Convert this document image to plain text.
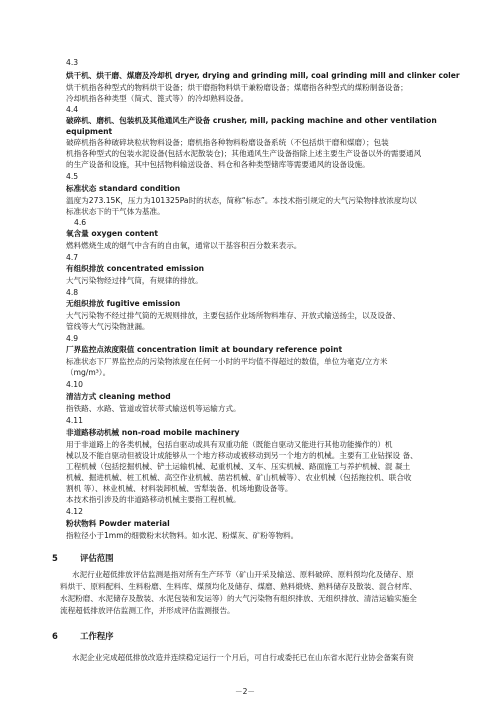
4.3
烘干机、烘干磨、煤磨及冷却机 dryer, drying and grinding mill, coal grinding mill and clinker coler
烘干机指各种型式的物料烘干设备；烘干磨指物料烘干兼粉磨设备；煤磨指各种型式的煤粉制备设备；
冷却机指各种类型（简式、篦式等）的冷却熟料设备。
4.4
破碎机、磨机、包装机及其他通风生产设备 crusher, mill, packing machine and other ventilation
equipment
破碎机指各种破碎块粒状物料设备；磨机指各种物料粉磨设备系统（不包括烘干磨和煤磨）；包装
机指各种型式的包装水泥设备(包括水泥散装仓)；其他通风生产设备指除上述主要生产设备以外的需要通风
的生产设备和设施，其中包括物料输送设备、料仓和各种类型储库等需要通风的设备设施。
4.5
标准状态 standard condition
温度为273.15K，压力为101325Pa时的状态，简称“标态”。本技术指引规定的大气污染物排放浓度均以
标准状态下的干气体为基准。
4.6
氧含量 oxygen content
燃料燃烧生成的烟气中含有的自由氧，通常以干基容积百分数来表示。
4.7
有组织排放 concentrated emission
大气污染物经过排气筒，有规律的排放。
4.8
无组织排放 fugitive emission
大气污染物不经过排气筒的无规则排放，主要包括作业场所物料堆存、开放式输送扬尘，以及设备、
管线等大气污染物泄漏。
4.9
厂界监控点浓度限值 concentration limit at boundary reference point
标准状态下厂界监控点的污染物浓度在任何一小时的平均值不得超过的数值，单位为毫克/立方米
（mg/m³）。
4.10
清洁方式 cleaning method
指铁路、水路、管道或管状带式输送机等运输方式。
4.11
非道路移动机械 non-road mobile machinery
用于非道路上的各类机械，包括自驱动或具有双重功能（既能自驱动又能进行其他功能操作的）机
械以及不能自驱动但被设计成能够从一个地方移动或被移动到另一个地方的机械。主要有工业钻探设 备、
工程机械（包括挖掘机械、铲土运输机械、起重机械、叉车、压实机械、路面施工与养护机械、混 凝土
机械、掘进机械、桩工机械、高空作业机械、凿岩机械、矿山机械等）、农业机械（包括拖拉机、联合收
割机 等）、林业机械、材料装卸机械、雪犁装备、机场地勤设备等。
本技术指引涉及的非道路移动机械主要指工程机械。
4.12
粉状物料 Powder material
指粒径小于1mm的细微粉末状物料。如水泥、粉煤灰、矿粉等物料。
5	评估范围
水泥行业超低排放评估监测是指对所有生产环节（矿山开采及输送、原料破碎、原料预均化及储存、原
料烘干、原料配料、生料粉磨、生料库、煤预均化及储存、煤磨、熟料煅烧、熟料储存及散装、混合材库、
水泥粉磨、水泥储存及散装、水泥包装和发运等）的大气污染物有组织排放、无组织排放、清洁运输实施全
流程超低排放评估监测工作，并形成评估监测报告。
6	工作程序
水泥企业完成超低排放改造并连续稳定运行一个月后，可自行或委托已在山东省水泥行业协会备案有资
－2－
